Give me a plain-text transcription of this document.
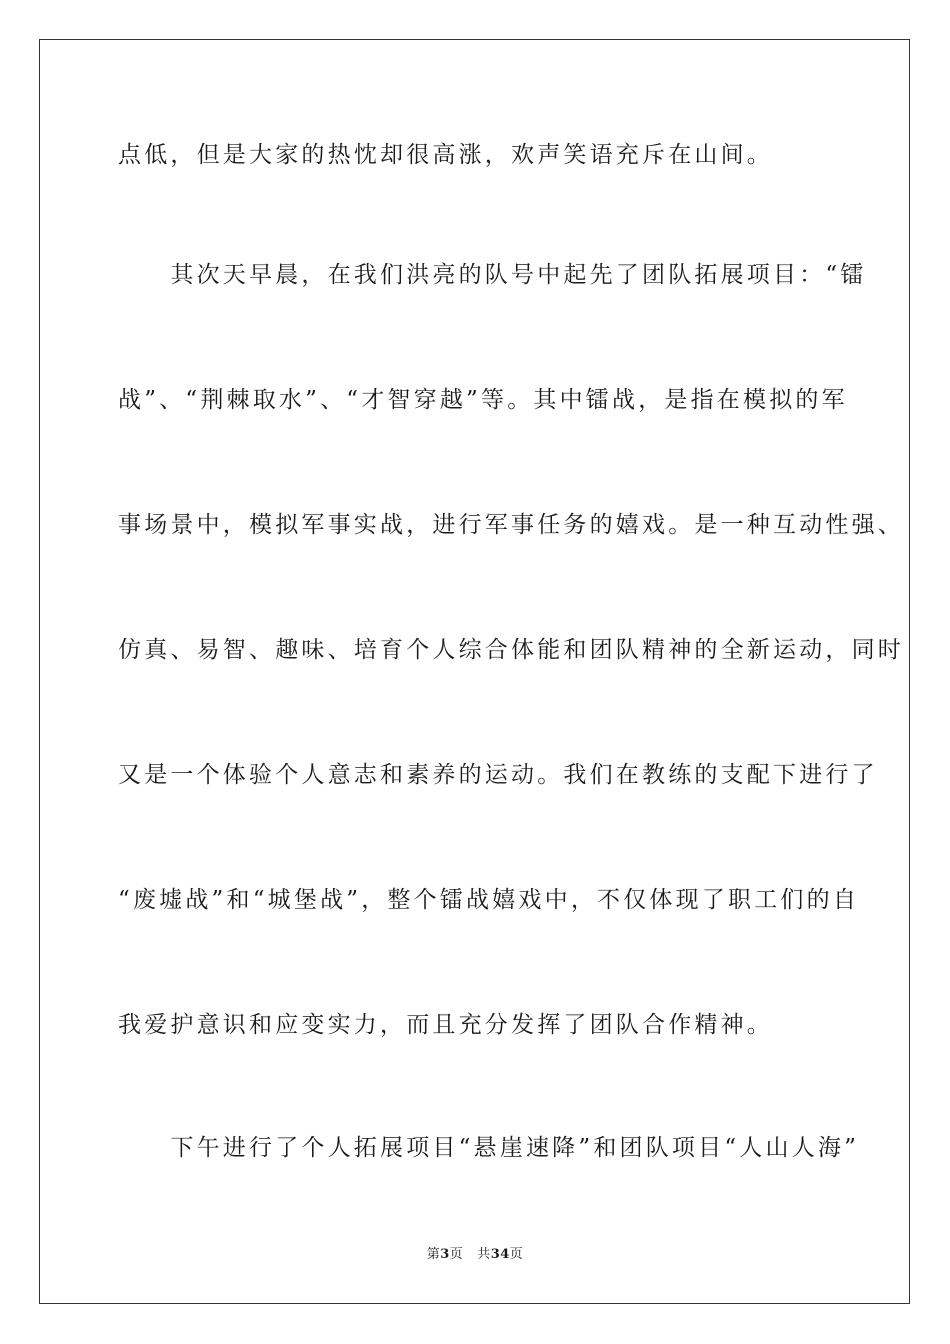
点低，但是大家的热忱却很高涨，欢声笑语充斥在山间。
　　其次天早晨，在我们洪亮的队号中起先了团队拓展项目：“镭
战”、“荆棘取水”、“才智穿越”等。其中镭战，是指在模拟的军
事场景中，模拟军事实战，进行军事任务的嬉戏。是一种互动性强、
仿真、易智、趣味、培育个人综合体能和团队精神的全新运动，同时
又是一个体验个人意志和素养的运动。我们在教练的支配下进行了
“废墟战”和“城堡战”，整个镭战嬉戏中，不仅体现了职工们的自
我爱护意识和应变实力，而且充分发挥了团队合作精神。
　　下午进行了个人拓展项目“悬崖速降”和团队项目“人山人海”
第3页 共34页
